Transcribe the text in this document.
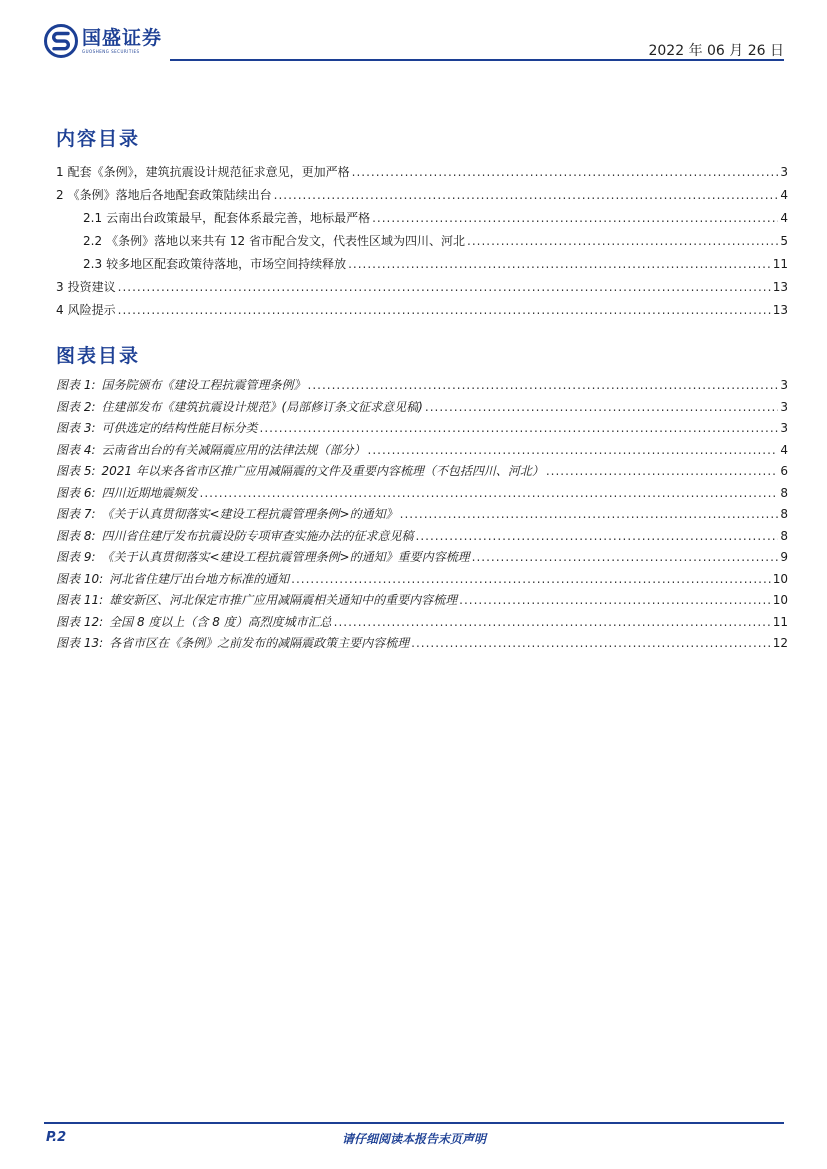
国盛证券
GUOSHENG SECURITIES	2022 年 06 月 26 日
内容目录
1 配套《条例》，建筑抗震设计规范征求意见，更加严格 .....	3
2 《条例》落地后各地配套政策陆续出台 .....	4
2.1 云南出台政策最早，配套体系最完善，地标最严格 .....	4
2.2 《条例》落地以来共有 12 省市配合发文，代表性区域为四川、河北 .....	5
2.3 较多地区配套政策待落地，市场空间持续释放 .....	11
3 投资建议 .....	13
4 风险提示 .....	13
图表目录
图表 1: 国务院颁布《建设工程抗震管理条例》 .....	3
图表 2: 住建部发布《建筑抗震设计规范》(局部修订条文征求意见稿) .....	3
图表 3: 可供选定的结构性能目标分类 .....	3
图表 4: 云南省出台的有关减隔震应用的法律法规（部分） .....	4
图表 5: 2021 年以来各省市区推广应用减隔震的文件及重要内容梳理（不包括四川、河北） .....	6
图表 6: 四川近期地震频发 .....	8
图表 7: 《关于认真贯彻落实<建设工程抗震管理条例>的通知》 .....	8
图表 8: 四川省住建厅发布抗震设防专项审查实施办法的征求意见稿 .....	8
图表 9: 《关于认真贯彻落实<建设工程抗震管理条例>的通知》重要内容梳理 .....	9
图表 10: 河北省住建厅出台地方标准的通知 .....	10
图表 11: 雄安新区、河北保定市推广应用减隔震相关通知中的重要内容梳理 .....	10
图表 12: 全国 8 度以上（含 8 度）高烈度城市汇总 .....	11
图表 13: 各省市区在《条例》之前发布的减隔震政策主要内容梳理 .....	12
P.2	请仔细阅读本报告末页声明
